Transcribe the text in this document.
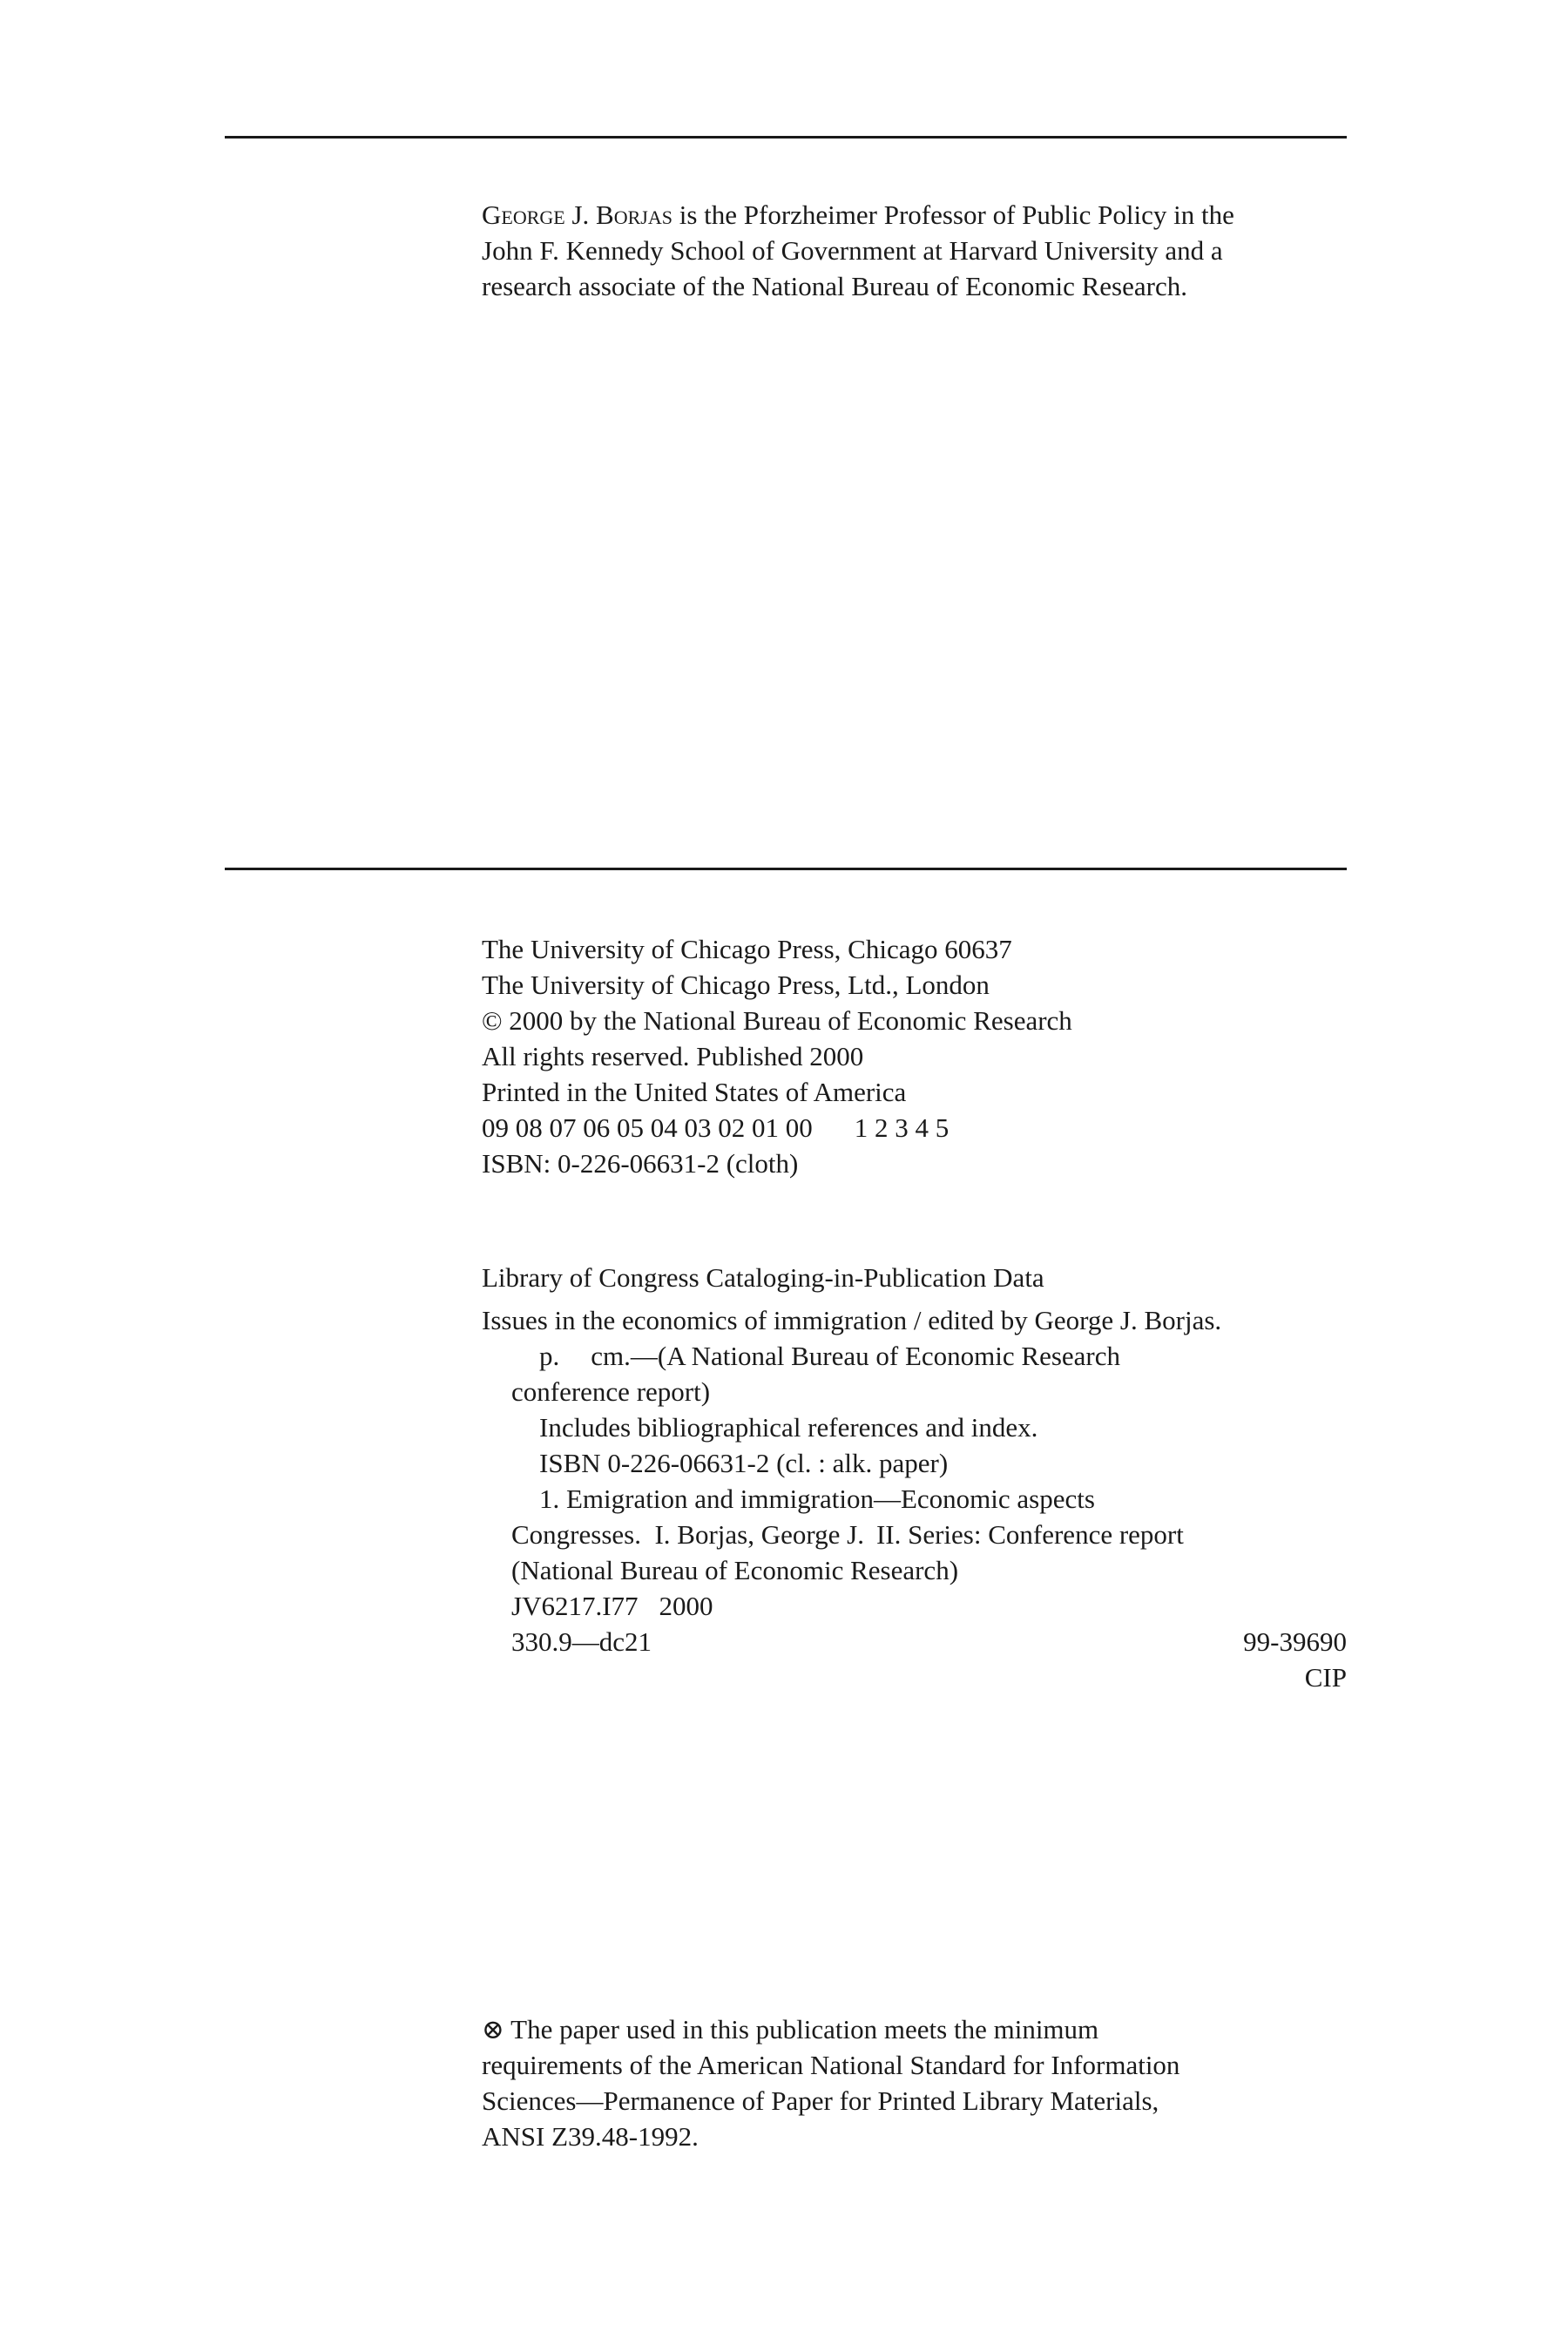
George J. Borjas is the Pforzheimer Professor of Public Policy in the
John F. Kennedy School of Government at Harvard University and a
research associate of the National Bureau of Economic Research.
The University of Chicago Press, Chicago 60637
The University of Chicago Press, Ltd., London
© 2000 by the National Bureau of Economic Research
All rights reserved. Published 2000
Printed in the United States of America
09 08 07 06 05 04 03 02 01 00 1 2 3 4 5
ISBN: 0-226-06631-2 (cloth)
Library of Congress Cataloging-in-Publication Data
Issues in the economics of immigration / edited by George J. Borjas.
p. cm.—(A National Bureau of Economic Research
conference report)
Includes bibliographical references and index.
ISBN 0-226-06631-2 (cl. : alk. paper)
1. Emigration and immigration—Economic aspects
Congresses.  I. Borjas, George J. II. Series: Conference report
(National Bureau of Economic Research)
JV6217.I77 2000
330.9—dc21	99-39690
CIP
⊗ The paper used in this publication meets the minimum
requirements of the American National Standard for Information
Sciences—Permanence of Paper for Printed Library Materials,
ANSI Z39.48-1992.
